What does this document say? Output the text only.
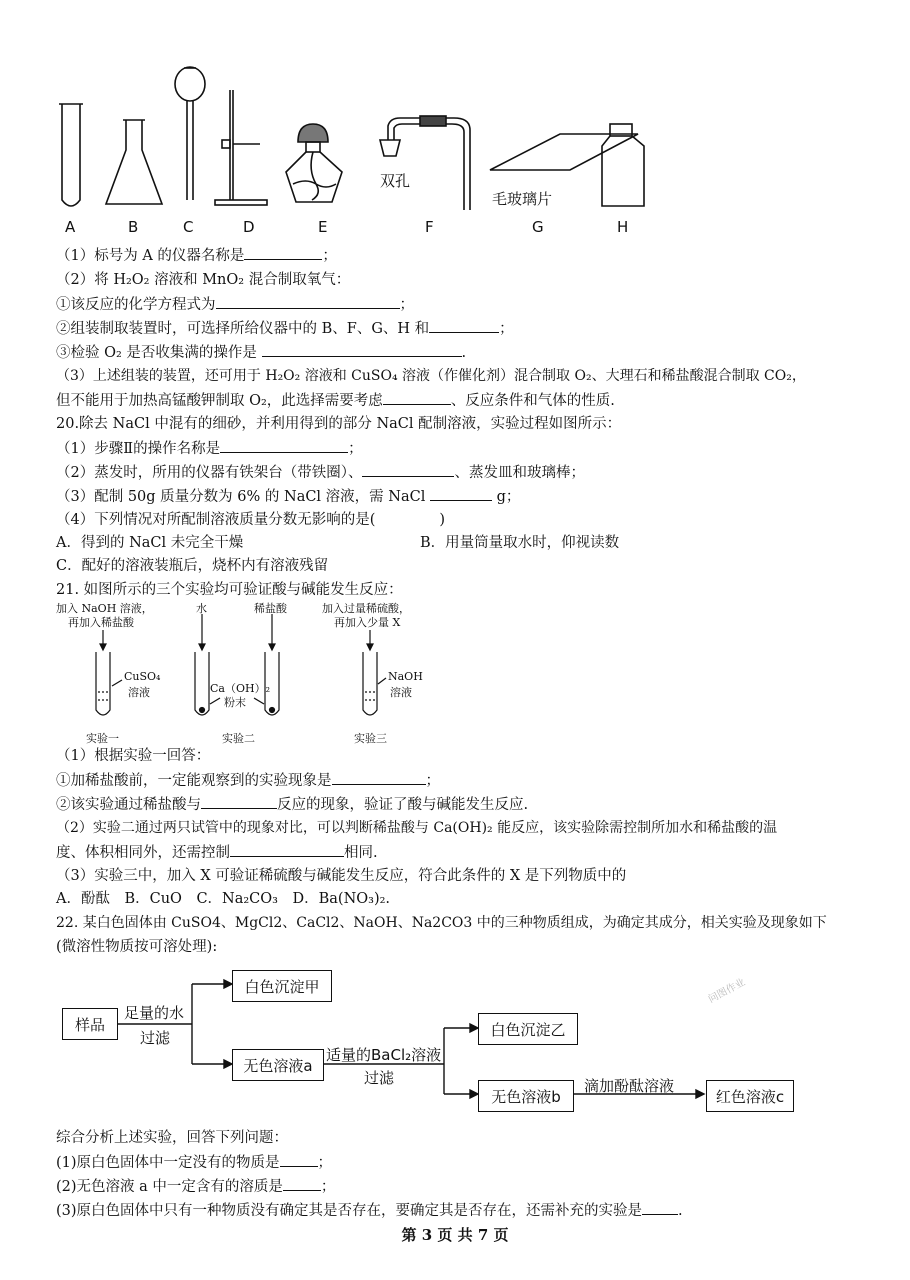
双孔
毛玻璃片
A	B	C	D	E	F	G	H
（1）标号为 A 的仪器名称是	；
（2）将 H₂O₂ 溶液和 MnO₂ 混合制取氧气：
①该反应的化学方程式为	；
②组装制取装置时，可选择所给仪器中的 B、F、G、H 和	；
③检验 O₂ 是否收集满的操作是	.
（3）上述组装的装置，还可用于 H₂O₂ 溶液和 CuSO₄ 溶液（作催化剂）混合制取 O₂、大理石和稀盐酸混合制取 CO₂，
但不能用于加热高锰酸钾制取 O₂，此选择需要考虑	、反应条件和气体的性质.
20.除去 NaCl 中混有的细砂，并利用得到的部分 NaCl 配制溶液，实验过程如图所示：
（1）步骤Ⅱ的操作名称是	；
（2）蒸发时，所用的仪器有铁架台（带铁圈）、	、蒸发皿和玻璃棒；
（3）配制 50g 质量分数为 6% 的 NaCl 溶液，需 NaCl	g；
（4）下列情况对所配制溶液质量分数无影响的是(	)
A．得到的 NaCl 未完全干燥	B．用量筒量取水时，仰视读数
C．配好的溶液装瓶后，烧杯内有溶液残留
21. 如图所示的三个实验均可验证酸与碱能发生反应：
加入 NaOH 溶液，
再加入稀盐酸
水	稀盐酸	加入过量稀硫酸，
再加入少量 X
CuSO₄
溶液	Ca（OH）₂
粉末
NaOH
溶液
实验一	实验二	实验三
（1）根据实验一回答：
①加稀盐酸前，一定能观察到的实验现象是	；
②该实验通过稀盐酸与	反应的现象，验证了酸与碱能发生反应.
（2）实验二通过两只试管中的现象对比，可以判断稀盐酸与 Ca(OH)₂ 能反应，该实验除需控制所加水和稀盐酸的温
度、体积相同外，还需控制	相同.
（3）实验三中，加入 X 可验证稀硫酸与碱能发生反应，符合此条件的 X 是下列物质中的
A．酚酞　B．CuO　C．Na₂CO₃　D．Ba(NO₃)₂.
22. 某白色固体由 CuSO4、MgCl2、CaCl2、NaOH、Na2CO3 中的三种物质组成，为确定其成分，相关实验及现象如下
(微溶性物质按可溶处理):
样品
足量的水
过滤
白色沉淀甲
无色溶液a
适量的BaCl₂溶液
过滤
白色沉淀乙
无色溶液b
滴加酚酞溶液
红色溶液c
问图作业
综合分析上述实验，回答下列问题：
(1)原白色固体中一定没有的物质是	；
(2)无色溶液 a 中一定含有的溶质是	；
(3)原白色固体中只有一种物质没有确定其是否存在，要确定其是否存在，还需补充的实验是 .
第 3 页 共 7 页
